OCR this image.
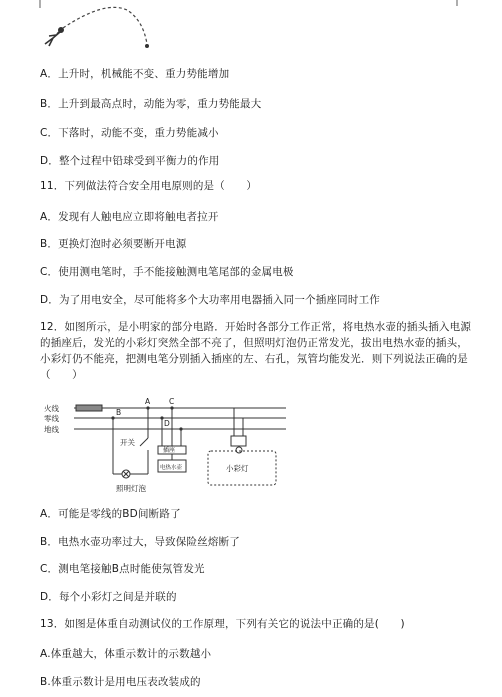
A．上升时，机械能不变、重力势能增加
B．上升到最高点时，动能为零，重力势能最大
C．下落时，动能不变，重力势能减小
D．整个过程中铅球受到平衡力的作用
11．下列做法符合安全用电原则的是（　　）
A．发现有人触电应立即将触电者拉开
B．更换灯泡时必须要断开电源
C．使用测电笔时，手不能接触测电笔尾部的金属电极
D．为了用电安全，尽可能将多个大功率用电器插入同一个插座同时工作
12．如图所示，是小明家的部分电路．开始时各部分工作正常，将电热水壶的插头插入电源
的插座后，发光的小彩灯突然全部不亮了，但照明灯泡仍正常发光，拔出电热水壶的插头，
小彩灯仍不能亮，把测电笔分别插入插座的左、右孔，氖管均能发光．则下列说法正确的是
（　　）
火线
零线
地线
A
B
C
D
开关
插座
电热水壶	小彩灯
照明灯泡
A．可能是零线的BD间断路了
B．电热水壶功率过大，导致保险丝熔断了
C．测电笔接触B点时能使氖管发光
D．每个小彩灯之间是并联的
13．如图是体重自动测试仪的工作原理，下列有关它的说法中正确的是(　　)
A.体重越大，体重示数计的示数越小
B.体重示数计是用电压表改装成的
